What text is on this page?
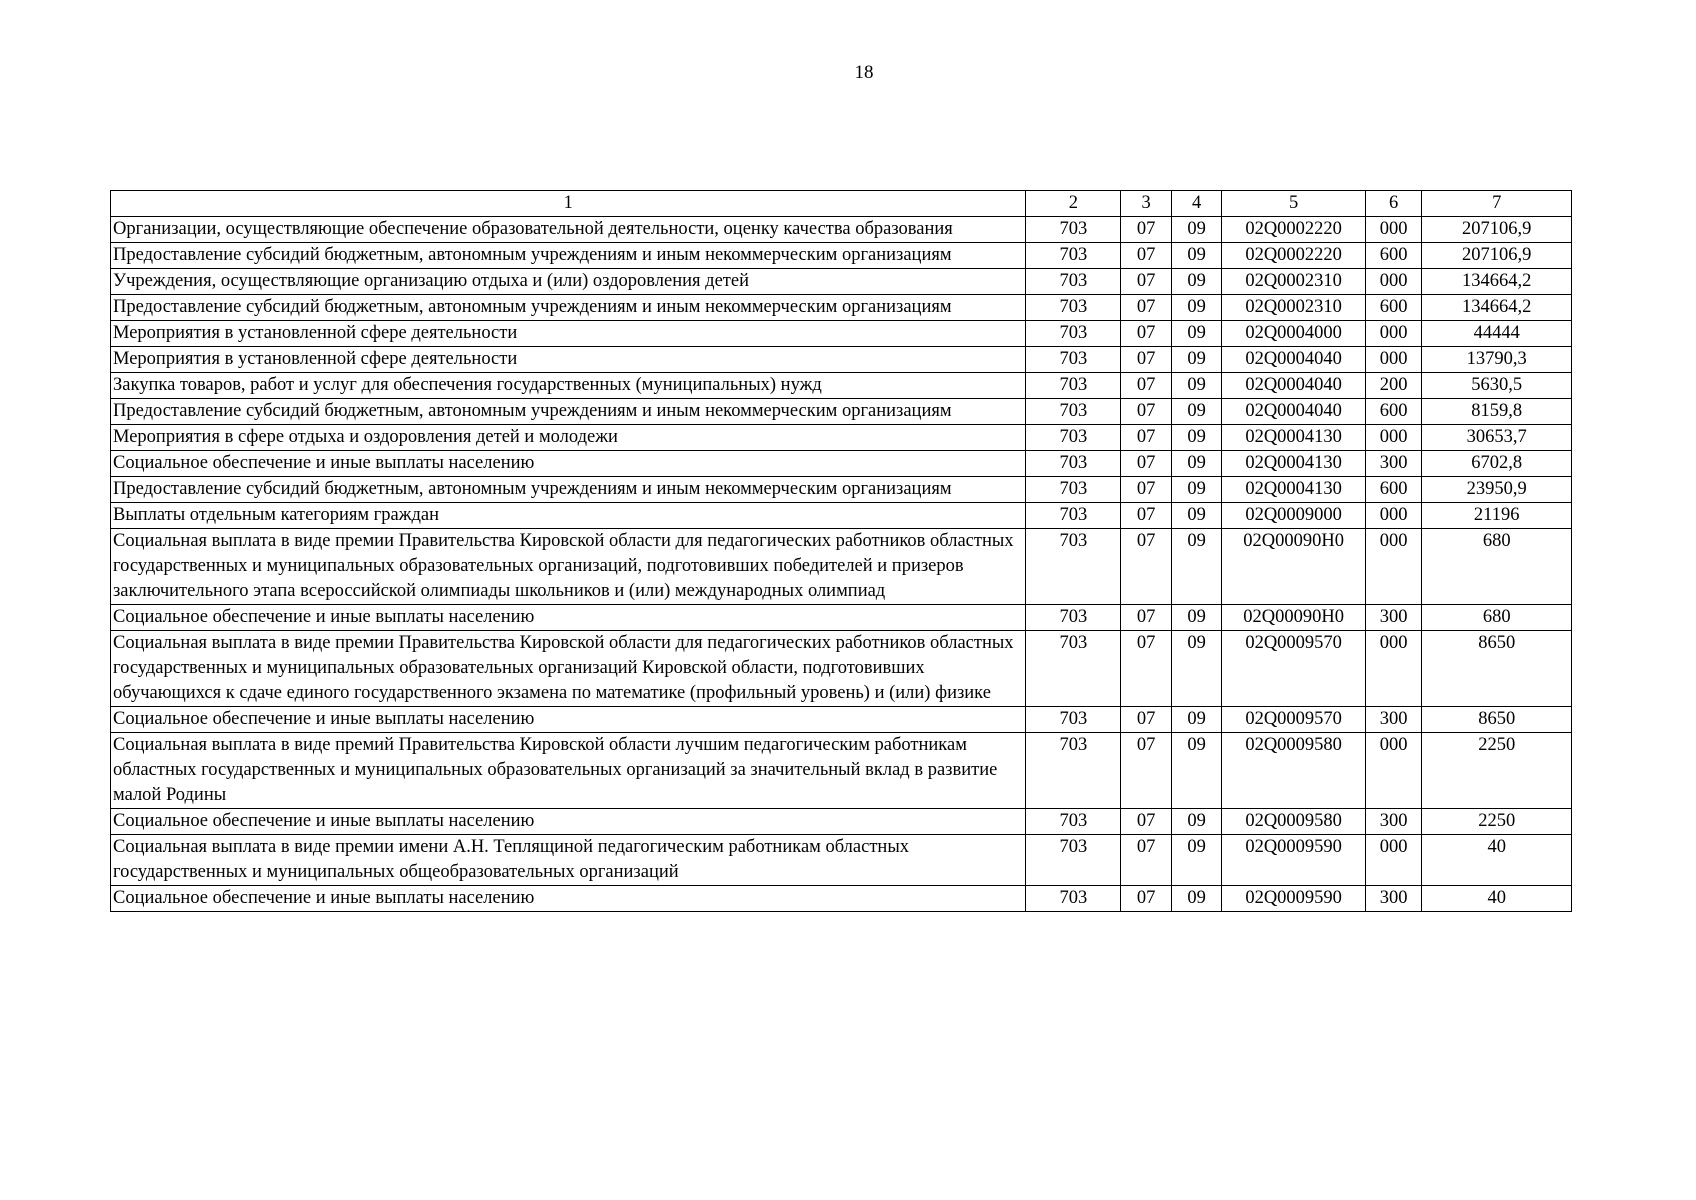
18
1	2	3	4	5	6	7
Организации, осуществляющие обеспечение образовательной деятельности, оценку качества образования	703	07	09	02Q0002220	000	207106,9
Предоставление субсидий бюджетным, автономным учреждениям и иным некоммерческим организациям	703	07	09	02Q0002220	600	207106,9
Учреждения, осуществляющие организацию отдыха и (или) оздоровления детей	703	07	09	02Q0002310	000	134664,2
Предоставление субсидий бюджетным, автономным учреждениям и иным некоммерческим организациям	703	07	09	02Q0002310	600	134664,2
Мероприятия в установленной сфере деятельности	703	07	09	02Q0004000	000	44444
Мероприятия в установленной сфере деятельности	703	07	09	02Q0004040	000	13790,3
Закупка товаров, работ и услуг для обеспечения государственных (муниципальных) нужд	703	07	09	02Q0004040	200	5630,5
Предоставление субсидий бюджетным, автономным учреждениям и иным некоммерческим организациям	703	07	09	02Q0004040	600	8159,8
Мероприятия в сфере отдыха и оздоровления детей и молодежи	703	07	09	02Q0004130	000	30653,7
Социальное обеспечение и иные выплаты населению	703	07	09	02Q0004130	300	6702,8
Предоставление субсидий бюджетным, автономным учреждениям и иным некоммерческим организациям	703	07	09	02Q0004130	600	23950,9
Выплаты отдельным категориям граждан	703	07	09	02Q0009000	000	21196
Социальная выплата в виде премии Правительства Кировской области для педагогических работников областных государственных и муниципальных образовательных организаций, подготовивших победителей и призеров заключительного этапа всероссийской олимпиады школьников и (или) международных олимпиад	703	07	09	02Q00090H0	000	680
Социальное обеспечение и иные выплаты населению	703	07	09	02Q00090H0	300	680
Социальная выплата в виде премии Правительства Кировской области для педагогических работников областных государственных и муниципальных образовательных организаций Кировской области, подготовивших обучающихся к сдаче единого государственного экзамена по математике (профильный уровень) и (или) физике	703	07	09	02Q0009570	000	8650
Социальное обеспечение и иные выплаты населению	703	07	09	02Q0009570	300	8650
Социальная выплата в виде премий Правительства Кировской области лучшим педагогическим работникам областных государственных и муниципальных образовательных организаций за значительный вклад в развитие малой Родины	703	07	09	02Q0009580	000	2250
Социальное обеспечение и иные выплаты населению	703	07	09	02Q0009580	300	2250
Социальная выплата в виде премии имени А.Н. Теплящиной педагогическим работникам областных государственных и муниципальных общеобразовательных организаций	703	07	09	02Q0009590	000	40
Социальное обеспечение и иные выплаты населению	703	07	09	02Q0009590	300	40
